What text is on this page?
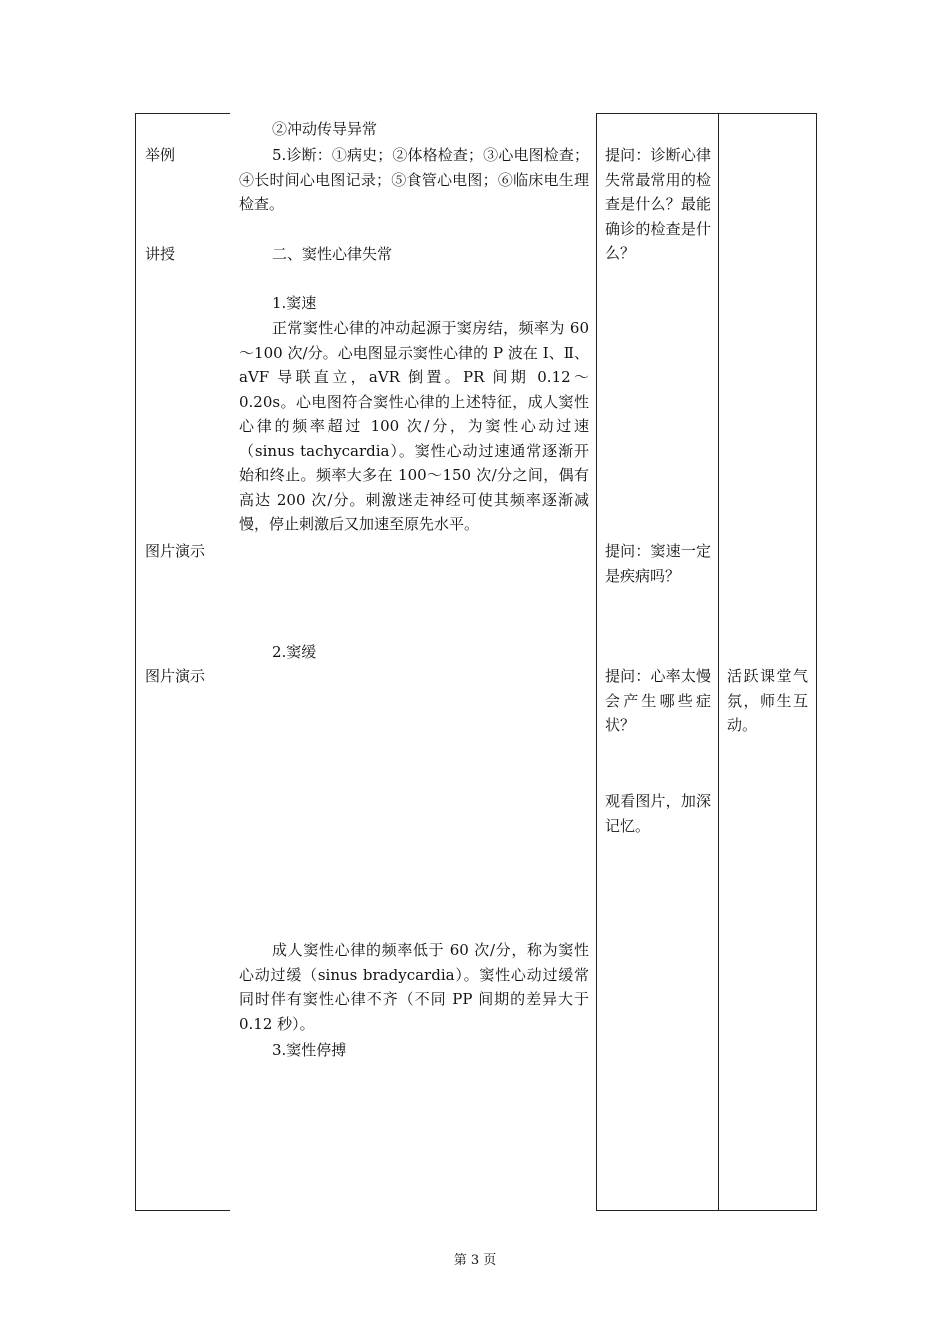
举例
讲授
图片演示
图片演示
②冲动传导异常
5.诊断：①病史；②体格检查；③心电图检查；④长时间心电图记录；⑤食管心电图；⑥临床电生理检查。
二、窦性心律失常
1.窦速
正常窦性心律的冲动起源于窦房结，频率为 60～100 次/分。心电图显示窦性心律的 P 波在 I、Ⅱ、aVF 导联直立，aVR 倒置。PR 间期 0.12～0.20s。心电图符合窦性心律的上述特征，成人窦性心律的频率超过 100 次/分，为窦性心动过速（sinus tachycardia）。窦性心动过速通常逐渐开始和终止。频率大多在 100～150 次/分之间，偶有高达 200 次/分。刺激迷走神经可使其频率逐渐减慢，停止刺激后又加速至原先水平。
2.窦缓
成人窦性心律的频率低于 60 次/分，称为窦性心动过缓（sinus bradycardia）。窦性心动过缓常同时伴有窦性心律不齐（不同 PP 间期的差异大于 0.12 秒）。
3.窦性停搏
提问：诊断心律失常最常用的检查是什么？最能确诊的检查是什么？
提问：窦速一定是疾病吗？
提问：心率太慢会产生哪些症状？
观看图片，加深记忆。
活跃课堂气氛，师生互动。
第 3 页
